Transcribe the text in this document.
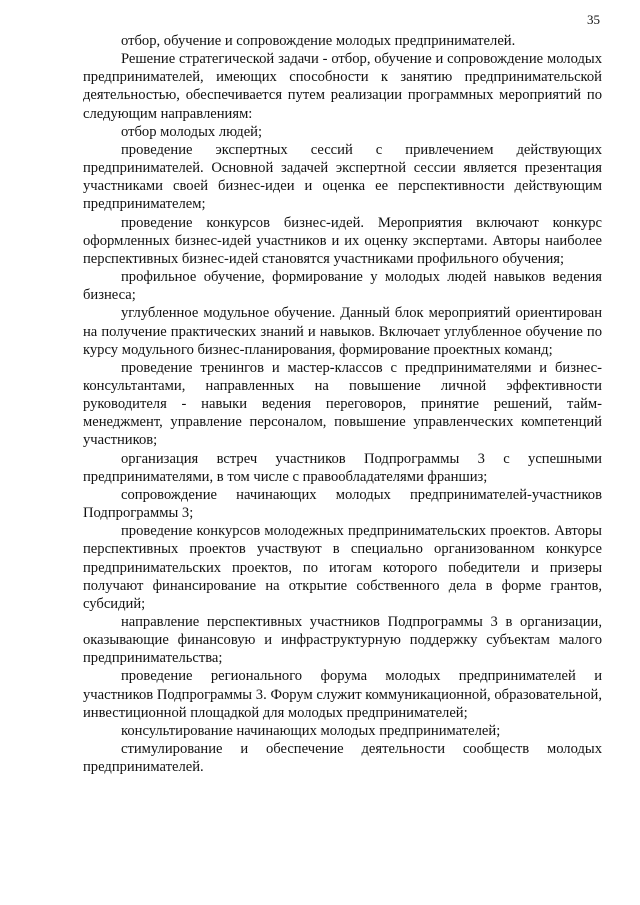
35

отбор, обучение и сопровождение молодых предпринимателей.

Решение стратегической задачи - отбор, обучение и сопровождение молодых предпринимателей, имеющих способности к занятию предпринимательской деятельностью, обеспечивается путем реализации программных мероприятий по следующим направлениям:

отбор молодых людей;

проведение экспертных сессий с привлечением действующих предпринимателей. Основной задачей экспертной сессии является презентация участниками своей бизнес-идеи и оценка ее перспективности действующим предпринимателем;

проведение конкурсов бизнес-идей. Мероприятия включают конкурс оформленных бизнес-идей участников и их оценку экспертами. Авторы наиболее перспективных бизнес-идей становятся участниками профильного обучения;

профильное обучение, формирование у молодых людей навыков ведения бизнеса;

углубленное модульное обучение. Данный блок мероприятий ориентирован на получение практических знаний и навыков. Включает углубленное обучение по курсу модульного бизнес-планирования, формирование проектных команд;

проведение тренингов и мастер-классов с предпринимателями и бизнес-консультантами, направленных на повышение личной эффективности руководителя - навыки ведения переговоров, принятие решений, тайм-менеджмент, управление персоналом, повышение управленческих компетенций участников;

организация встреч участников Подпрограммы 3 с успешными предпринимателями, в том числе с правообладателями франшиз;

сопровождение начинающих молодых предпринимателей-участников Подпрограммы 3;

проведение конкурсов молодежных предпринимательских проектов. Авторы перспективных проектов участвуют в специально организованном конкурсе предпринимательских проектов, по итогам которого победители и призеры получают финансирование на открытие собственного дела в форме грантов, субсидий;

направление перспективных участников Подпрограммы 3 в организации, оказывающие финансовую и инфраструктурную поддержку субъектам малого предпринимательства;

проведение регионального форума молодых предпринимателей и участников Подпрограммы 3. Форум служит коммуникационной, образовательной, инвестиционной площадкой для молодых предпринимателей;

консультирование начинающих молодых предпринимателей;

стимулирование и обеспечение деятельности сообществ молодых предпринимателей.
